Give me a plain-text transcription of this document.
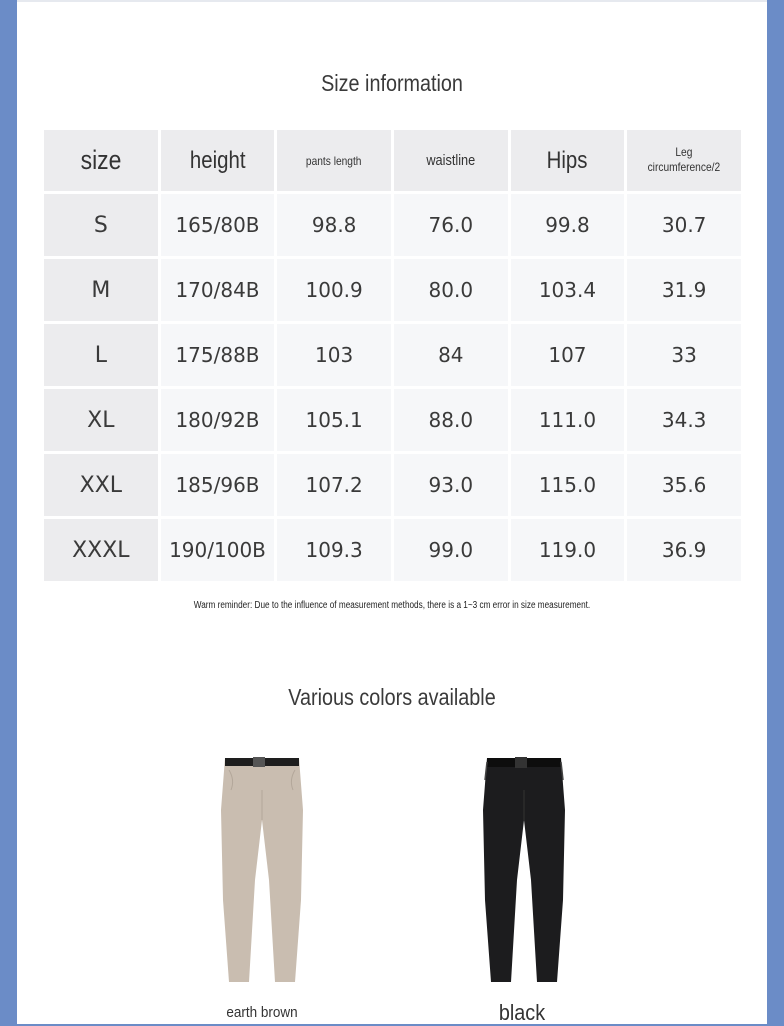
Size information
size	height	pants length	waistline	Hips	Leg circumference/2
S	165/80B	98.8	76.0	99.8	30.7
M	170/84B	100.9	80.0	103.4	31.9
L	175/88B	103	84	107	33
XL	180/92B	105.1	88.0	111.0	34.3
XXL	185/96B	107.2	93.0	115.0	35.6
XXXL	190/100B	109.3	99.0	119.0	36.9
Warm reminder: Due to the influence of measurement methods, there is a 1~3 cm error in size measurement.
Various colors available
earth brown	black
